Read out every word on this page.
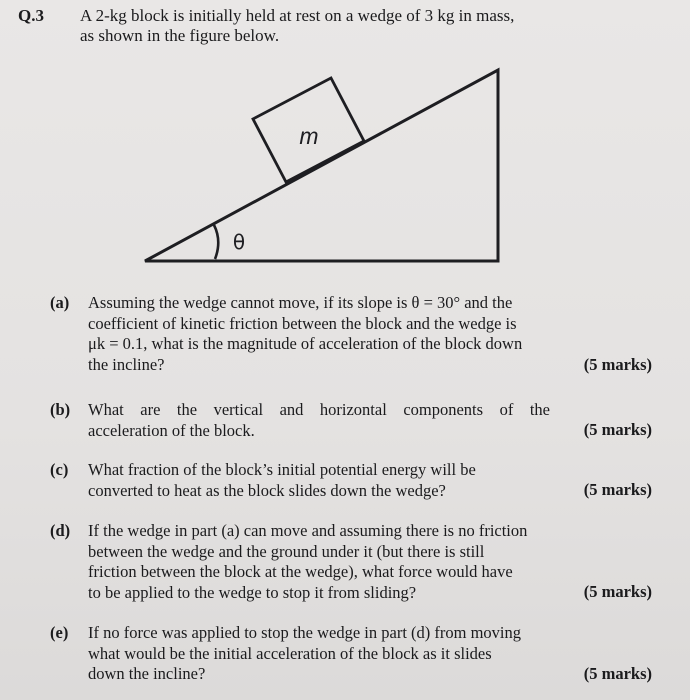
Q.3 A 2-kg block is initially held at rest on a wedge of 3 kg in mass,
as shown in the figure below.
m
θ
(a) Assuming the wedge cannot move, if its slope is θ = 30° and the
coefficient of kinetic friction between the block and the wedge is
μk = 0.1, what is the magnitude of acceleration of the block down
the incline?	(5 marks)
(b) What are the vertical and horizontal components of the
acceleration of the block.	(5 marks)
(c) What fraction of the block’s initial potential energy will be
converted to heat as the block slides down the wedge?	(5 marks)
(d) If the wedge in part (a) can move and assuming there is no friction
between the wedge and the ground under it (but there is still
friction between the block at the wedge), what force would have
to be applied to the wedge to stop it from sliding?	(5 marks)
(e) If no force was applied to stop the wedge in part (d) from moving
what would be the initial acceleration of the block as it slides
down the incline?	(5 marks)
